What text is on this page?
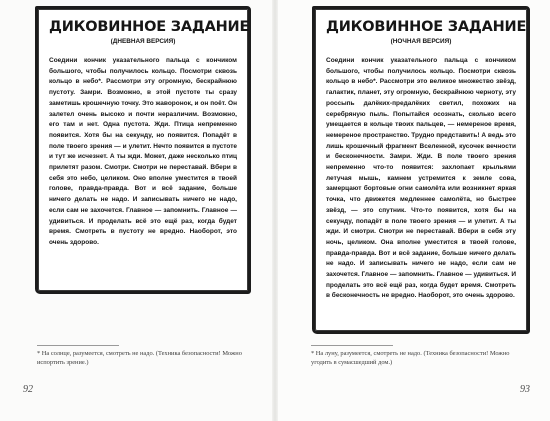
ДИКОВИННОЕ ЗАДАНИЕ
(ДНЕВНАЯ ВЕРСИЯ)

Соедини кончик указательного пальца с кончиком большого, чтобы получилось кольцо. Посмотри сквозь кольцо в небо*. Рассмотри эту огромную, бескрайнюю пустоту. Замри. Возможно, в этой пустоте ты сразу заметишь крошечную точку. Это жаворонок, и он поёт. Он залетел очень высоко и почти неразличим. Возможно, его там и нет. Одна пустота. Жди. Птица непременно появится. Хотя бы на секунду, но появится. Попадёт в поле твоего зрения — и улетит. Нечто появится в пустоте и тут же исчезнет. А ты жди. Может, даже несколько птиц прилетят разом. Смотри. Смотри не переставай. Вбери в себя это небо, целиком. Оно вполне уместится в твоей голове, правда-правда. Вот и всё задание, больше ничего делать не надо. И записывать ничего не надо, если сам не захочется. Главное — запомнить. Главное — удивиться. И проделать всё это ещё раз, когда будет время. Смотреть в пустоту не вредно. Наоборот, это очень здорово.

* На солнце, разумеется, смотреть не надо. (Техника безопасности! Можно испортить зрение.)

92
ДИКОВИННОЕ ЗАДАНИЕ
(НОЧНАЯ ВЕРСИЯ)

Соедини кончик указательного пальца с кончиком большого, чтобы получилось кольцо. Посмотри сквозь кольцо в небо*. Рассмотри это великое множество звёзд, галактик, планет, эту огромную, бескрайнюю черноту, эту россыпь далёких-предалёких светил, похожих на серебряную пыль. Попытайся осознать, сколько всего умещается в кольце твоих пальцев, — немереное время, немереное пространство. Трудно представить! А ведь это лишь крошечный фрагмент Вселенной, кусочек вечности и бесконечности. Замри. Жди. В поле твоего зрения непременно что-то появится: захлопает крыльями летучая мышь, камнем устремится к земле сова, замерцают бортовые огни самолёта или возникнет яркая точка, что движется медленнее самолёта, но быстрее звёзд, — это спутник. Что-то появится, хотя бы на секунду, попадёт в поле твоего зрения — и улетит. А ты жди. И смотри. Смотри не переставай. Вбери в себя эту ночь, целиком. Она вполне уместится в твоей голове, правда-правда. Вот и всё задание, больше ничего делать не надо. И записывать ничего не надо, если сам не захочется. Главное — запомнить. Главное — удивиться. И проделать это всё ещё раз, когда будет время. Смотреть в бесконечность не вредно. Наоборот, это очень здорово.

* На луну, разумеется, смотреть не надо. (Техника безопасности! Можно угодить в сумасшедший дом.)

93
